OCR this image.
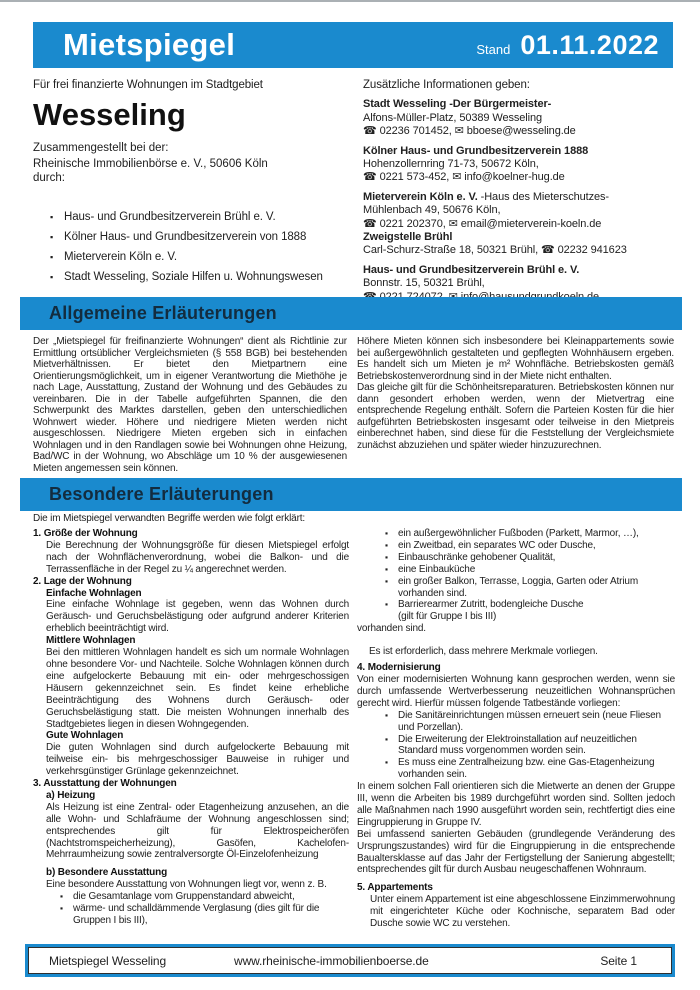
Mietspiegel	Stand 01.11.2022
Für frei finanzierte Wohnungen im Stadtgebiet
Wesseling
Zusammengestellt bei der:
Rheinische Immobilienbörse e. V., 50606 Köln
durch:
▪ Haus- und Grundbesitzerverein Brühl e. V.
▪ Kölner Haus- und Grundbesitzerverein von 1888
▪ Mieterverein Köln e. V.
▪ Stadt Wesseling, Soziale Hilfen u. Wohnungswesen
Zusätzliche Informationen geben:
Stadt Wesseling -Der Bürgermeister-
Alfons-Müller-Platz, 50389 Wesseling
☎ 02236 701452, ✉ bboese@wesseling.de
Kölner Haus- und Grundbesitzerverein 1888
Hohenzollernring 71-73, 50672 Köln,
☎ 0221 573-452, ✉ info@koelner-hug.de
Mieterverein Köln e. V. -Haus des Mieterschutzes-
Mühlenbach 49, 50676 Köln,
☎ 0221 202370, ✉ email@mieterverein-koeln.de
Zweigstelle Brühl
Carl-Schurz-Straße 18, 50321 Brühl, ☎ 02232 941623
Haus- und Grundbesitzerverein Brühl e. V.
Bonnstr. 15, 50321 Brühl,
Allgemeine Erläuterungen
Der „Mietspiegel für freifinanzierte Wohnungen“ dient als Richtlinie zur Ermittlung ortsüblicher Vergleichsmieten (§ 558 BGB) bei bestehenden Mietverhältnissen. Er bietet den Mietpartnern eine Orientierungsmöglichkeit, um in eigener Verantwortung die Miethöhe je nach Lage, Ausstattung, Zustand der Wohnung und des Gebäudes zu vereinbaren. Die in der Tabelle aufgeführten Spannen, die den Schwerpunkt des Marktes darstellen, geben den unterschiedlichen Wohnwert wieder. Höhere und niedrigere Mieten werden nicht ausgeschlossen. Niedrigere Mieten ergeben sich in einfachen Wohnlagen und in den Randlagen sowie bei Wohnungen ohne Heizung, Bad/WC in der Wohnung, wo Abschläge um 10 % der ausgewiesenen Mieten angemessen sein können.
Höhere Mieten können sich insbesondere bei Kleinappartements sowie bei außergewöhnlich gestalteten und gepflegten Wohnhäusern ergeben. Es handelt sich um Mieten je m² Wohnfläche. Betriebskosten gemäß Betriebskostenverordnung sind in der Miete nicht enthalten.
Das gleiche gilt für die Schönheitsreparaturen. Betriebskosten können nur dann gesondert erhoben werden, wenn der Mietvertrag eine entsprechende Regelung enthält. Sofern die Parteien Kosten für die hier aufgeführten Betriebskosten insgesamt oder teilweise in den Mietpreis einberechnet haben, sind diese für die Feststellung der Vergleichsmiete zunächst abzuziehen und später wieder hinzuzurechnen.
Besondere Erläuterungen
Die im Mietspiegel verwandten Begriffe werden wie folgt erklärt:
1. Größe der Wohnung
Die Berechnung der Wohnungsgröße für diesen Mietspiegel erfolgt nach der Wohnflächenverordnung, wobei die Balkon- und die Terrassenfläche in der Regel zu ¼ angerechnet werden.
2. Lage der Wohnung
Einfache Wohnlagen
Eine einfache Wohnlage ist gegeben, wenn das Wohnen durch Geräusch- und Geruchsbelästigung oder aufgrund anderer Kriterien erheblich beeinträchtigt wird.
Mittlere Wohnlagen
Bei den mittleren Wohnlagen handelt es sich um normale Wohnlagen ohne besondere Vor- und Nachteile. Solche Wohnlagen können durch eine aufgelockerte Bebauung mit ein- oder mehrgeschossigen Häusern gekennzeichnet sein. Es findet keine erhebliche Beeinträchtigung des Wohnens durch Geräusch- oder Geruchsbelästigung statt. Die meisten Wohnungen innerhalb des Stadtgebietes liegen in diesen Wohngegenden.
Gute Wohnlagen
Die guten Wohnlagen sind durch aufgelockerte Bebauung mit teilweise ein- bis mehrgeschossiger Bauweise in ruhiger und verkehrsgünstiger Grünlage gekennzeichnet.
3. Ausstattung der Wohnungen
a) Heizung
Als Heizung ist eine Zentral- oder Etagenheizung anzusehen, an die alle Wohn- und Schlafräume der Wohnung angeschlossen sind; entsprechendes gilt für Elektrospeicheröfen (Nachtstromspeicherheizung), Gasöfen, Kachelofen- Mehrraumheizung sowie zentralversorgte Öl-Einzelofenheizung
b) Besondere Ausstattung
Eine besondere Ausstattung von Wohnungen liegt vor, wenn z. B.
▪	die Gesamtanlage vom Gruppenstandard abweicht,
▪	wärme- und schalldämmende Verglasung (dies gilt für die Gruppen I bis III),
▪	ein außergewöhnlicher Fußboden (Parkett, Marmor, …),
▪	ein Zweitbad, ein separates WC oder Dusche,
▪	Einbauschränke gehobener Qualität,
▪	eine Einbauküche
▪	ein großer Balkon, Terrasse, Loggia, Garten oder Atrium vorhanden sind.
▪	Barrierearmer Zutritt, bodengleiche Dusche
(gilt für Gruppe I bis III)
vorhanden sind.
Es ist erforderlich, dass mehrere Merkmale vorliegen.
4. Modernisierung
Von einer modernisierten Wohnung kann gesprochen werden, wenn sie durch umfassende Wertverbesserung neuzeitlichen Wohnansprüchen gerecht wird. Hierfür müssen folgende Tatbestände vorliegen:
▪	Die Sanitäreinrichtungen müssen erneuert sein (neue Fliesen und Porzellan).
▪	Die Erweiterung der Elektroinstallation auf neuzeitlichen Standard muss vorgenommen worden sein.
▪	Es muss eine Zentralheizung bzw. eine Gas-Etagenheizung vorhanden sein.
In einem solchen Fall orientieren sich die Mietwerte an denen der Gruppe III, wenn die Arbeiten bis 1989 durchgeführt worden sind. Sollten jedoch alle Maßnahmen nach 1990 ausgeführt worden sein, rechtfertigt dies eine Eingruppierung in Gruppe IV.
Bei umfassend sanierten Gebäuden (grundlegende Veränderung des Ursprungszustandes) wird für die Eingruppierung in die entsprechende Baualtersklasse auf das Jahr der Fertigstellung der Sanierung abgestellt; entsprechendes gilt für durch Ausbau neugeschaffenen Wohnraum.
5. Appartements
Unter einem Appartement ist eine abgeschlossene Einzimmerwohnung mit eingerichteter Küche oder Kochnische, separatem Bad oder Dusche sowie WC zu verstehen.
Mietspiegel Wesseling	www.rheinische-immobilienboerse.de	Seite 1
